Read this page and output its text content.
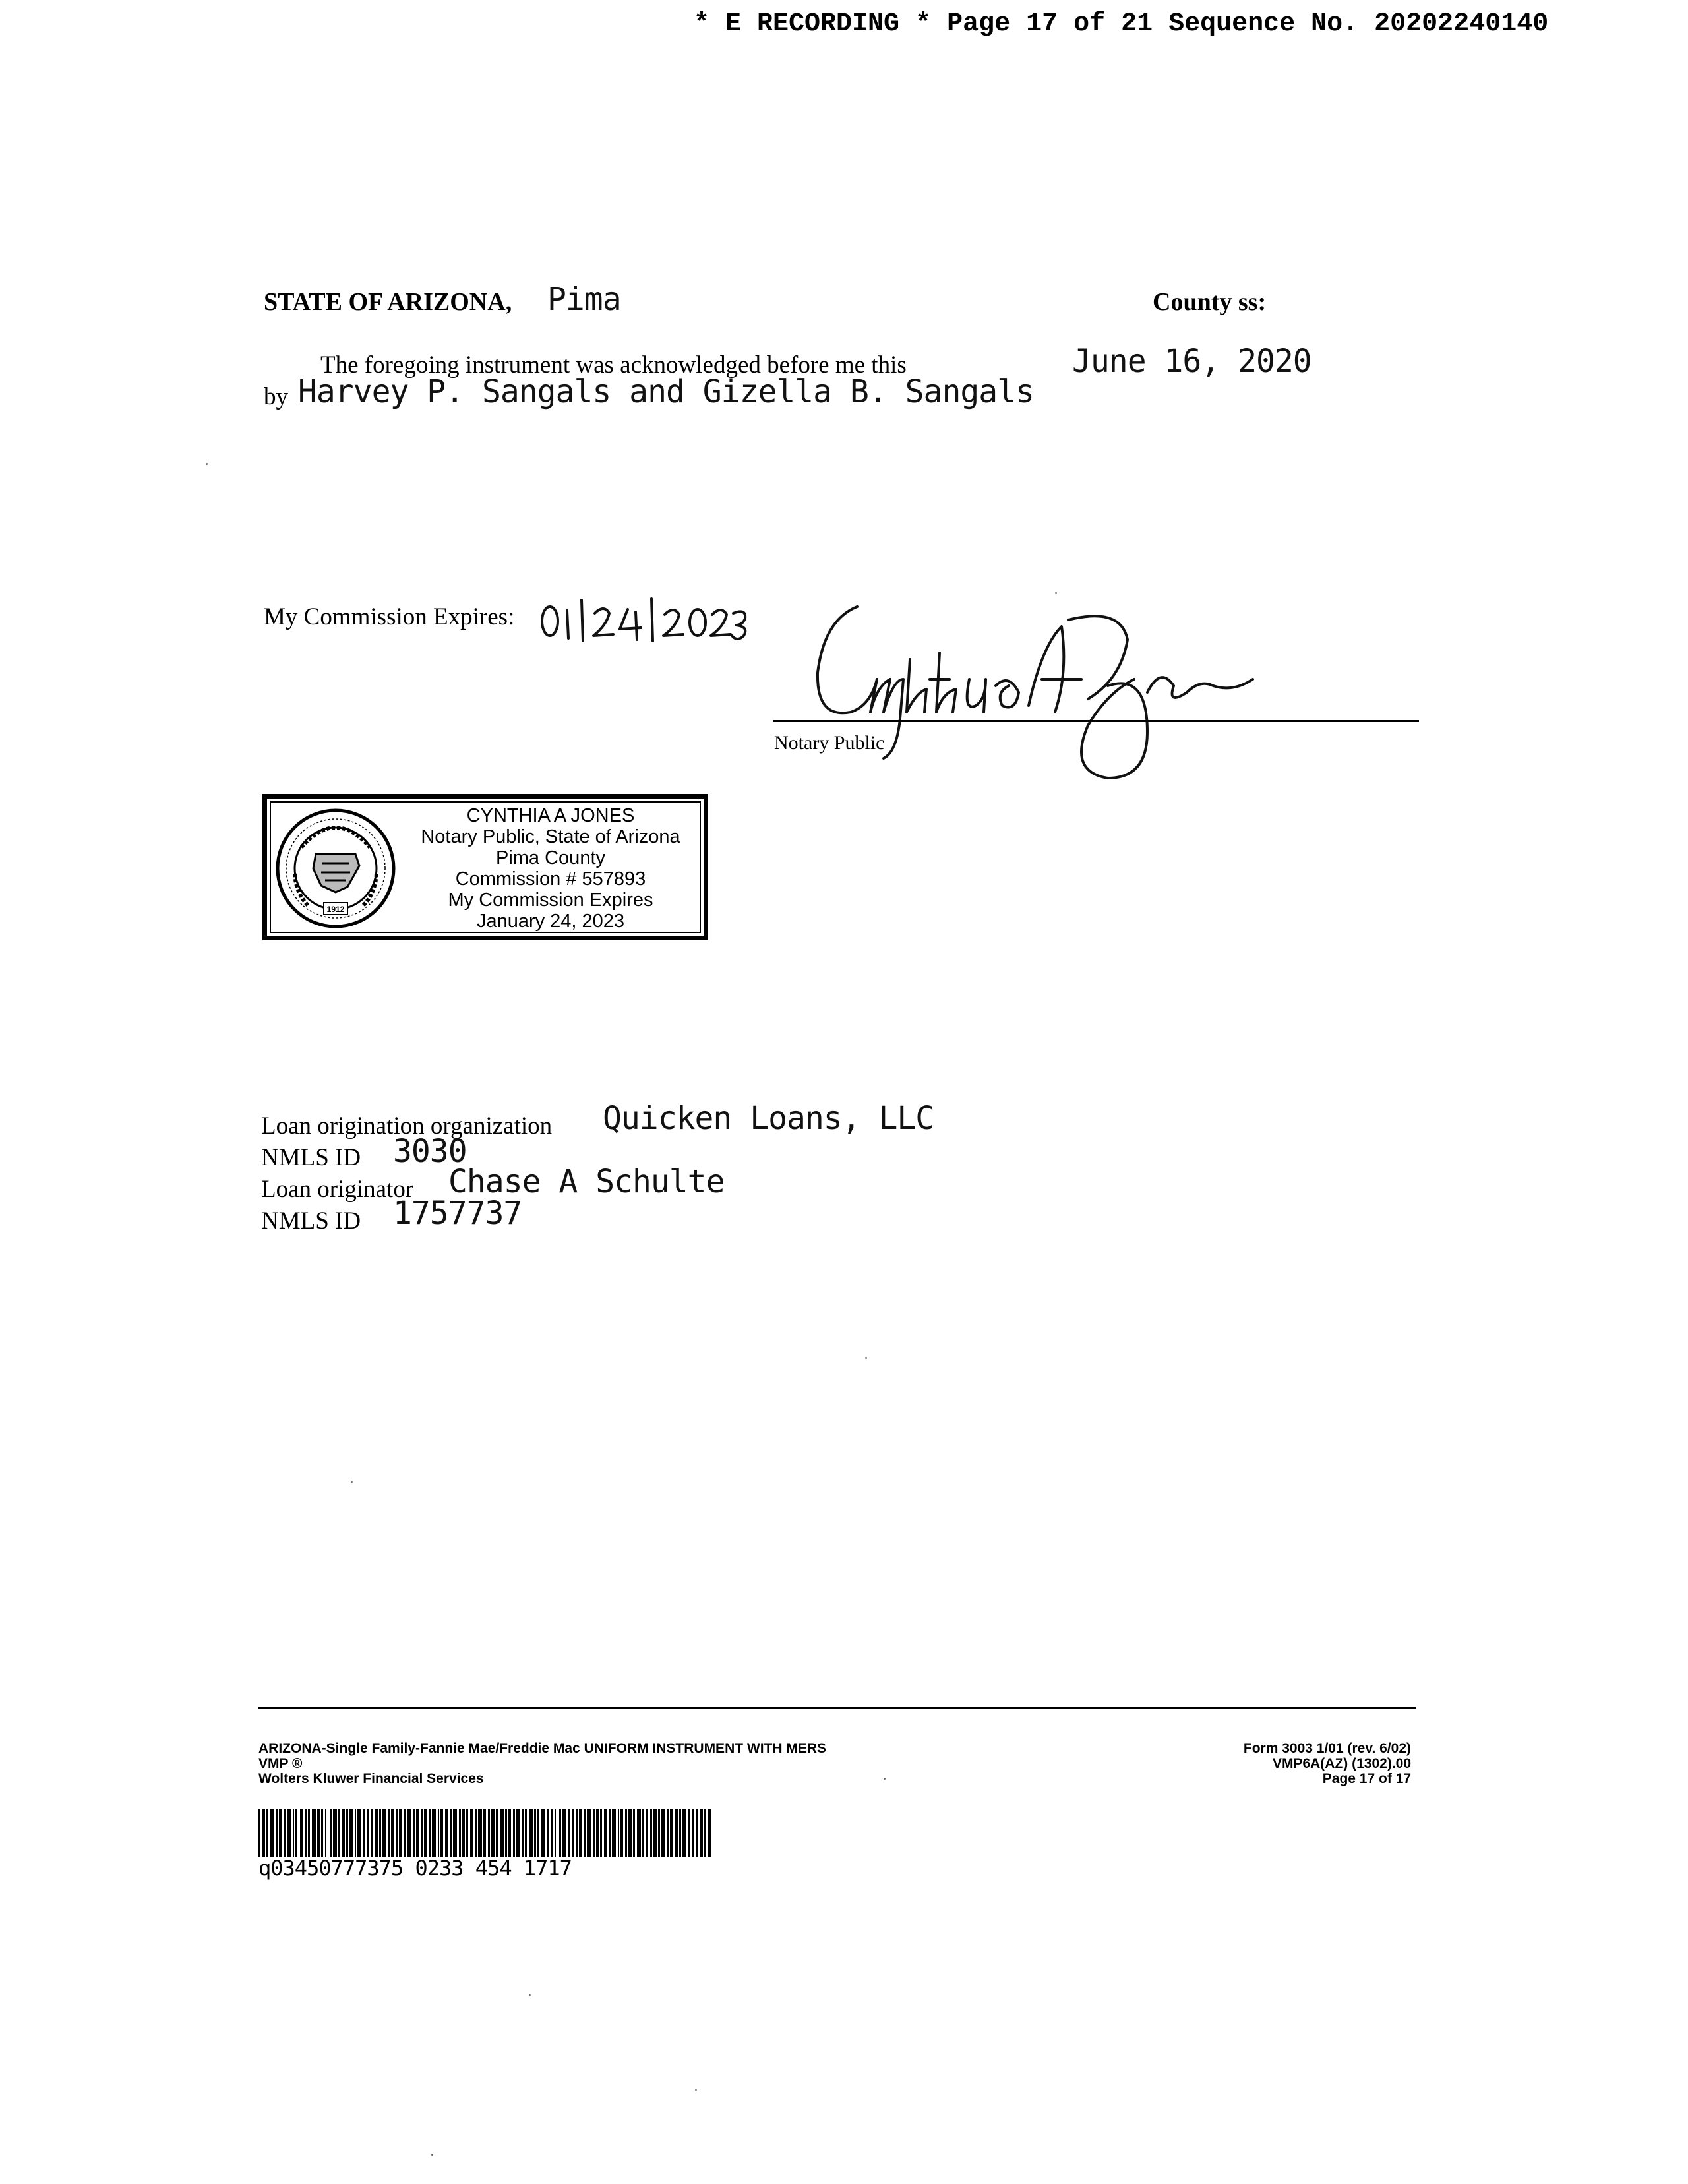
* E RECORDING * Page 17 of 21 Sequence No. 20202240140
STATE OF ARIZONA, Pima	County ss:
The foregoing instrument was acknowledged before me this	June 16, 2020
by Harvey P. Sangals and Gizella B. Sangals
My Commission Expires:
Notary Public
1912
CYNTHIA A JONES
Notary Public, State of Arizona
Pima County
Commission # 557893
My Commission Expires
January 24, 2023
Loan origination organization Quicken Loans, LLC
NMLS ID 3030
Loan originator Chase A Schulte
NMLS ID 1757737
ARIZONA-Single Family-Fannie Mae/Freddie Mac UNIFORM INSTRUMENT WITH MERS
VMP ®
Wolters Kluwer Financial Services
Form 3003 1/01 (rev. 6/02)
VMP6A(AZ) (1302).00
Page 17 of 17
q03450777375 0233 454 1717
